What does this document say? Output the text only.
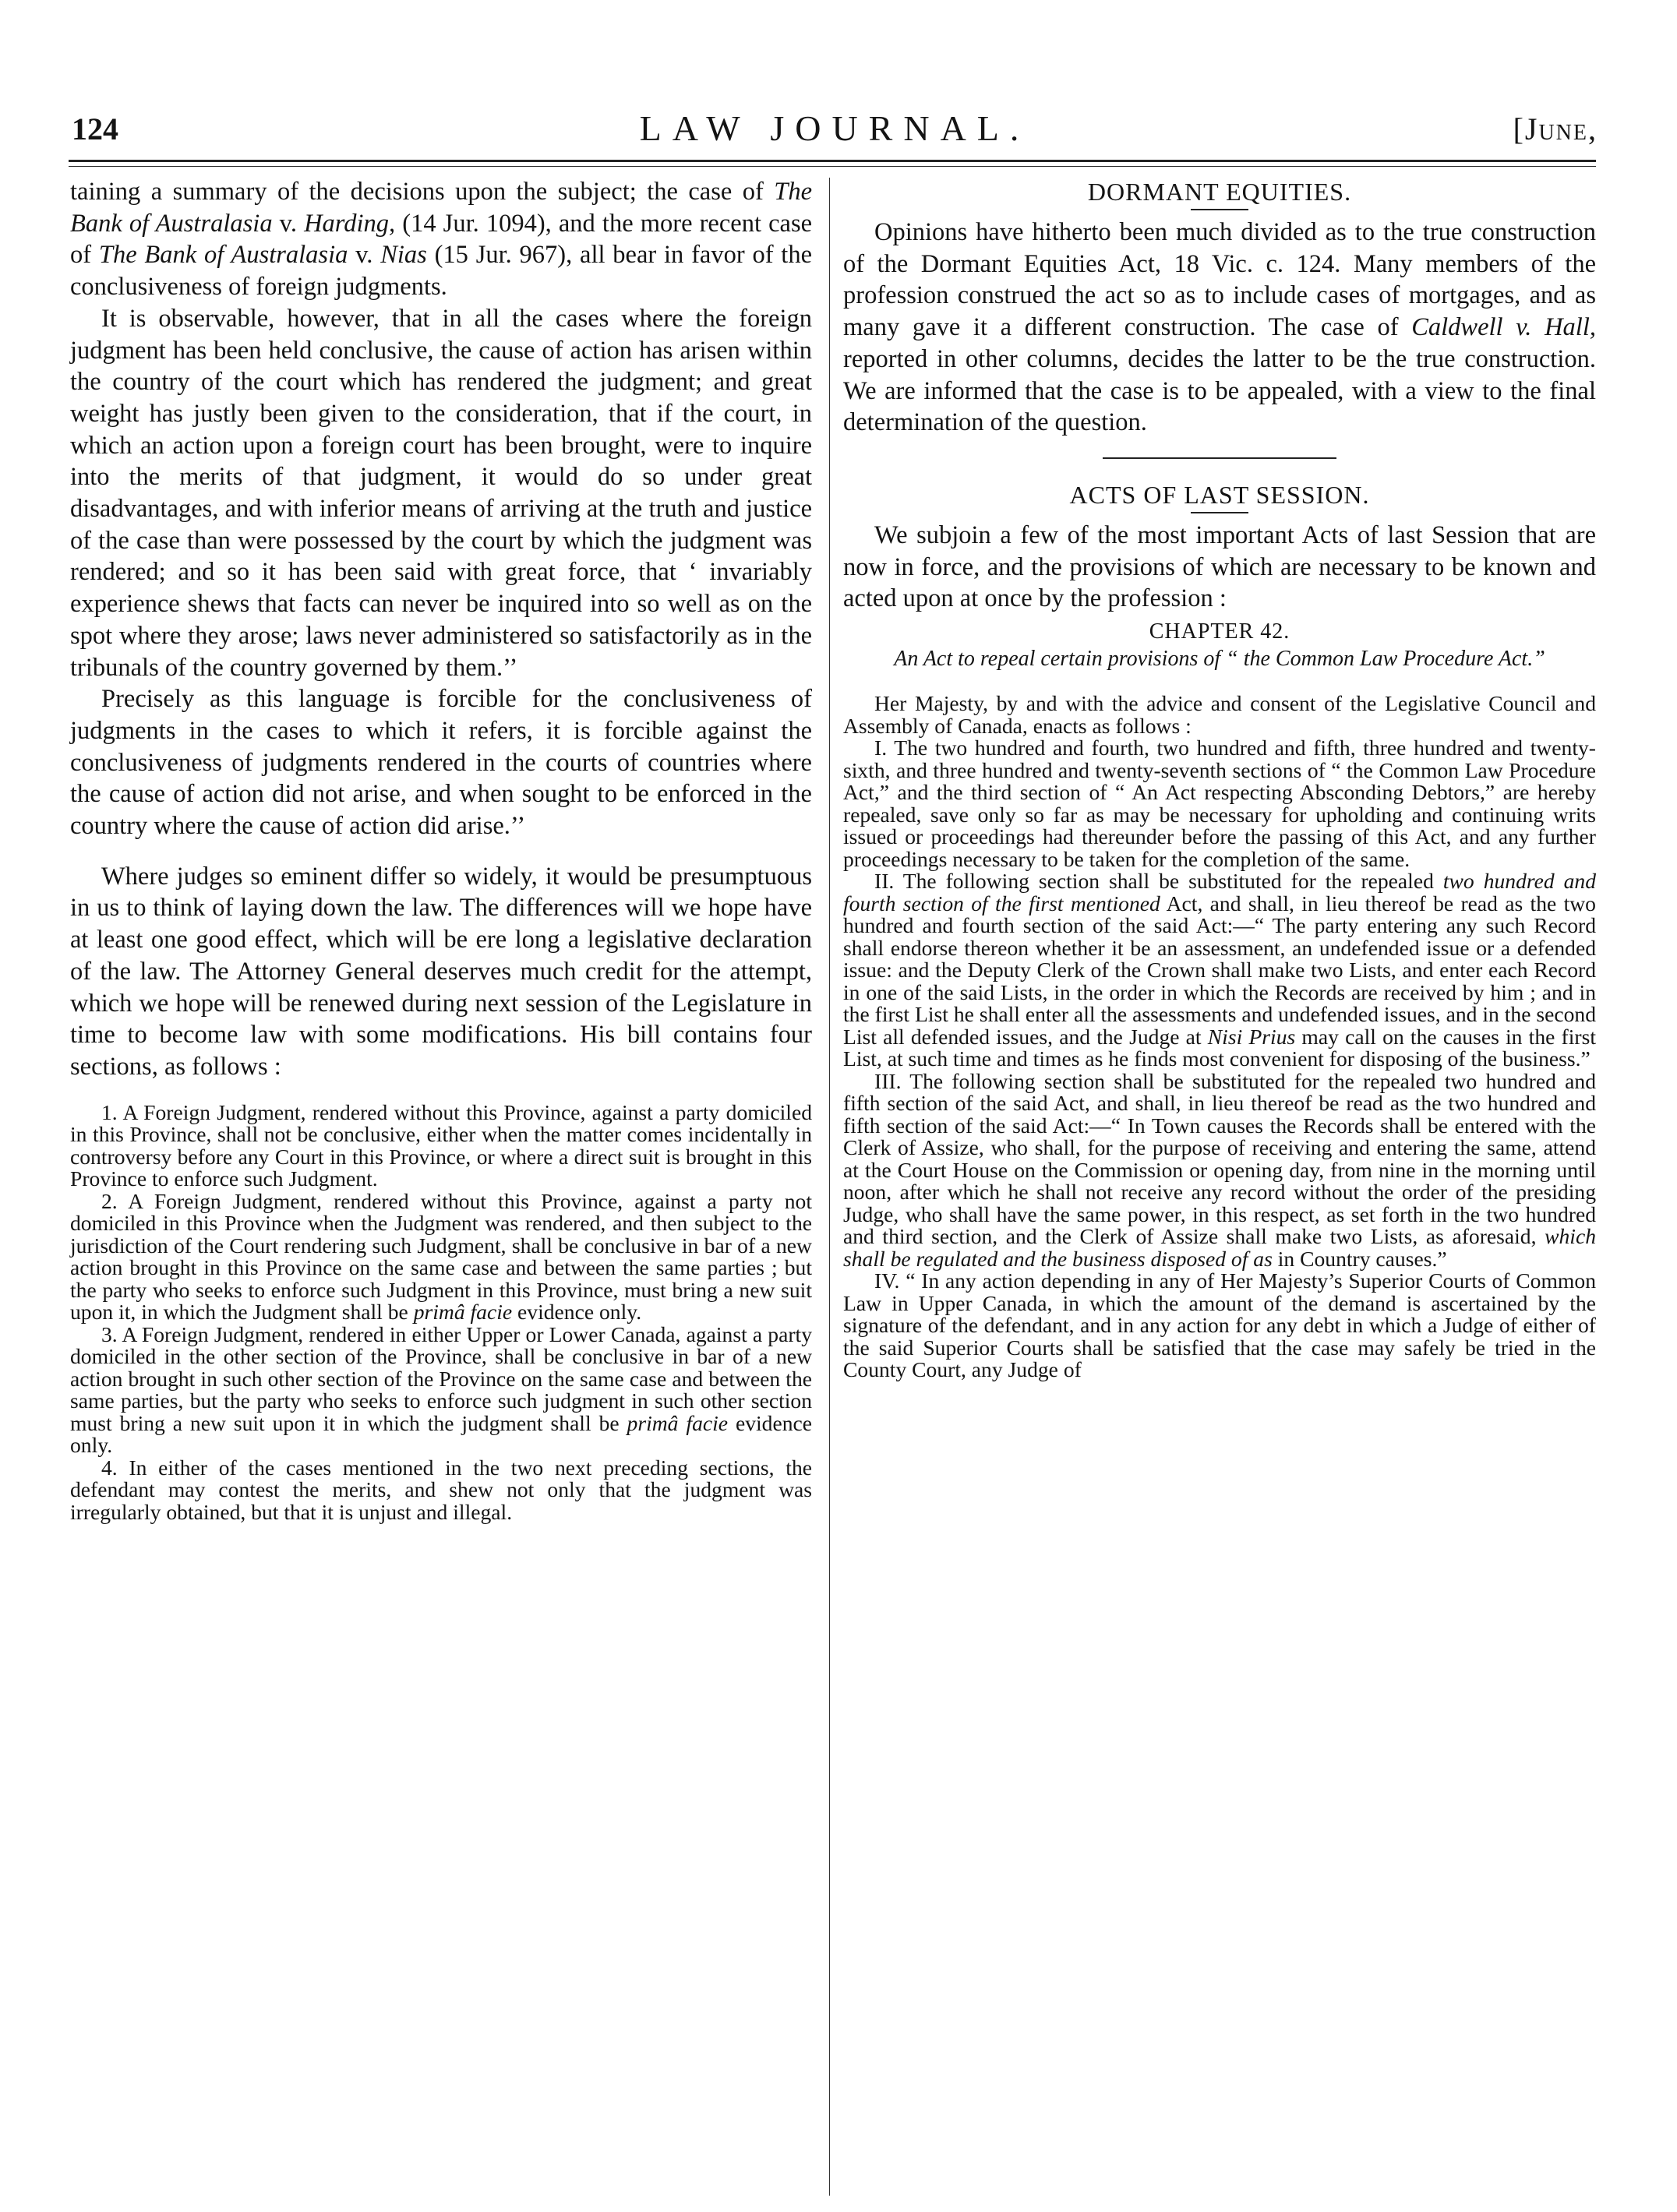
124	LAW JOURNAL.	[June,

taining a summary of the decisions upon the subject; the case of The Bank of Australasia v. Harding, (14 Jur. 1094), and the more recent case of The Bank of Australasia v. Nias (15 Jur. 967), all bear in favor of the conclusiveness of foreign judgments.

It is observable, however, that in all the cases where the foreign judgment has been held conclusive, the cause of action has arisen within the country of the court which has rendered the judgment; and great weight has justly been given to the consideration, that if the court, in which an action upon a foreign court has been brought, were to inquire into the merits of that judgment, it would do so under great disadvantages, and with inferior means of arriving at the truth and justice of the case than were possessed by the court by which the judgment was rendered; and so it has been said with great force, that ‘ invariably experience shews that facts can never be inquired into so well as on the spot where they arose; laws never administered so satisfactorily as in the tribunals of the country governed by them.’’

Precisely as this language is forcible for the conclusiveness of judgments in the cases to which it refers, it is forcible against the conclusiveness of judgments rendered in the courts of countries where the cause of action did not arise, and when sought to be enforced in the country where the cause of action did arise.’’

Where judges so eminent differ so widely, it would be presumptuous in us to think of laying down the law. The differences will we hope have at least one good effect, which will be ere long a legislative declaration of the law. The Attorney General deserves much credit for the attempt, which we hope will be renewed during next session of the Legislature in time to become law with some modifications. His bill contains four sections, as follows :

1. A Foreign Judgment, rendered without this Province, against a party domiciled in this Province, shall not be conclusive, either when the matter comes incidentally in controversy before any Court in this Province, or where a direct suit is brought in this Province to enforce such Judgment.

2. A Foreign Judgment, rendered without this Province, against a party not domiciled in this Province when the Judgment was rendered, and then subject to the jurisdiction of the Court rendering such Judgment, shall be conclusive in bar of a new action brought in this Province on the same case and between the same parties ; but the party who seeks to enforce such Judgment in this Province, must bring a new suit upon it, in which the Judgment shall be primâ facie evidence only.

3. A Foreign Judgment, rendered in either Upper or Lower Canada, against a party domiciled in the other section of the Province, shall be conclusive in bar of a new action brought in such other section of the Province on the same case and between the same parties, but the party who seeks to enforce such judgment in such other section must bring a new suit upon it in which the judgment shall be primâ facie evidence only.

4. In either of the cases mentioned in the two next preceding sections, the defendant may contest the merits, and shew not only that the judgment was irregularly obtained, but that it is unjust and illegal.

DORMANT EQUITIES.

Opinions have hitherto been much divided as to the true construction of the Dormant Equities Act, 18 Vic. c. 124. Many members of the profession construed the act so as to include cases of mortgages, and as many gave it a different construction. The case of Caldwell v. Hall, reported in other columns, decides the latter to be the true construction. We are informed that the case is to be appealed, with a view to the final determination of the question.

ACTS OF LAST SESSION.

We subjoin a few of the most important Acts of last Session that are now in force, and the provisions of which are necessary to be known and acted upon at once by the profession :

CHAPTER 42.
An Act to repeal certain provisions of “ the Common Law Procedure Act.”

Her Majesty, by and with the advice and consent of the Legislative Council and Assembly of Canada, enacts as follows :

I. The two hundred and fourth, two hundred and fifth, three hundred and twenty-sixth, and three hundred and twenty-seventh sections of “ the Common Law Procedure Act,” and the third section of “ An Act respecting Absconding Debtors,” are hereby repealed, save only so far as may be necessary for upholding and continuing writs issued or proceedings had thereunder before the passing of this Act, and any further proceedings necessary to be taken for the completion of the same.

II. The following section shall be substituted for the repealed two hundred and fourth section of the first mentioned Act, and shall, in lieu thereof be read as the two hundred and fourth section of the said Act:—“ The party entering any such Record shall endorse thereon whether it be an assessment, an undefended issue or a defended issue: and the Deputy Clerk of the Crown shall make two Lists, and enter each Record in one of the said Lists, in the order in which the Records are received by him ; and in the first List he shall enter all the assessments and undefended issues, and in the second List all defended issues, and the Judge at Nisi Prius may call on the causes in the first List, at such time and times as he finds most convenient for disposing of the business.”

III. The following section shall be substituted for the repealed two hundred and fifth section of the said Act, and shall, in lieu thereof be read as the two hundred and fifth section of the said Act:—“ In Town causes the Records shall be entered with the Clerk of Assize, who shall, for the purpose of receiving and entering the same, attend at the Court House on the Commission or opening day, from nine in the morning until noon, after which he shall not receive any record without the order of the presiding Judge, who shall have the same power, in this respect, as set forth in the two hundred and third section, and the Clerk of Assize shall make two Lists, as aforesaid, which shall be regulated and the business disposed of as in Country causes.”

IV. “ In any action depending in any of Her Majesty’s Superior Courts of Common Law in Upper Canada, in which the amount of the demand is ascertained by the signature of the defendant, and in any action for any debt in which a Judge of either of the said Superior Courts shall be satisfied that the case may safely be tried in the County Court, any Judge of
